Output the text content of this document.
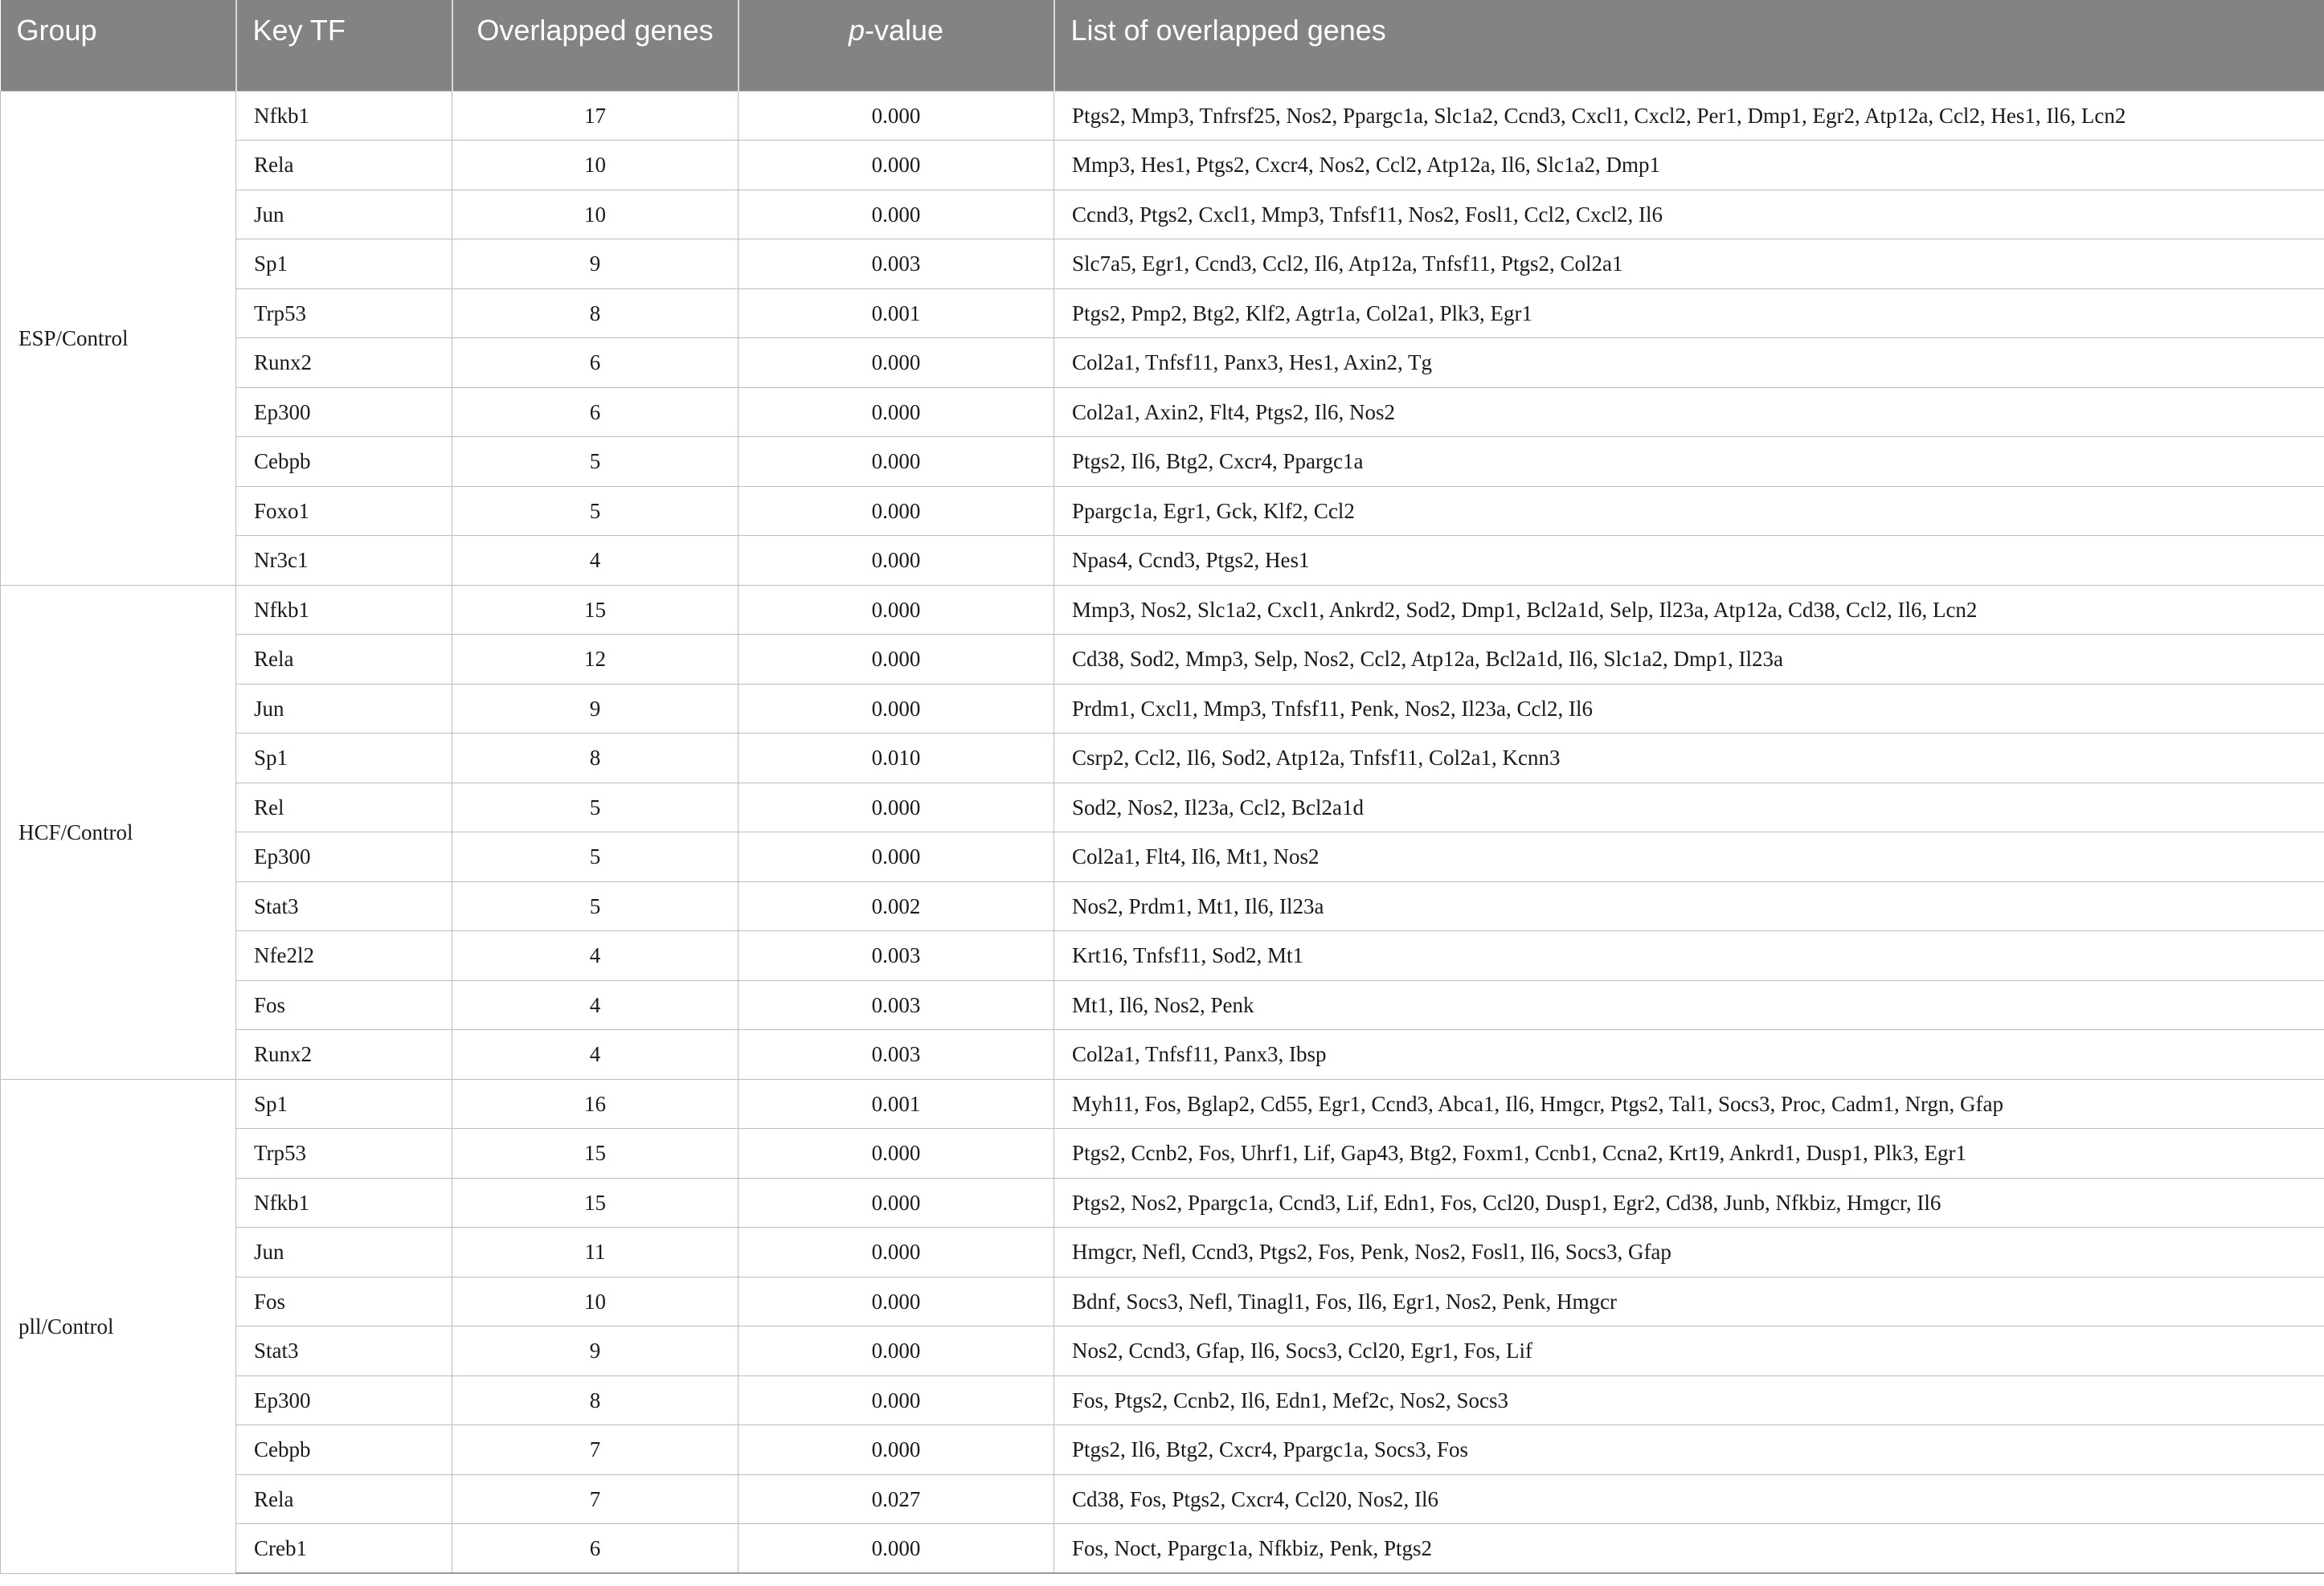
Group	Key TF	Overlapped genes	p-value	List of overlapped genes
ESP/Control	Nfkb1	17	0.000	Ptgs2, Mmp3, Tnfrsf25, Nos2, Ppargc1a, Slc1a2, Ccnd3, Cxcl1, Cxcl2, Per1, Dmp1, Egr2, Atp12a, Ccl2, Hes1, Il6, Lcn2
	Rela	10	0.000	Mmp3, Hes1, Ptgs2, Cxcr4, Nos2, Ccl2, Atp12a, Il6, Slc1a2, Dmp1
	Jun	10	0.000	Ccnd3, Ptgs2, Cxcl1, Mmp3, Tnfsf11, Nos2, Fosl1, Ccl2, Cxcl2, Il6
	Sp1	9	0.003	Slc7a5, Egr1, Ccnd3, Ccl2, Il6, Atp12a, Tnfsf11, Ptgs2, Col2a1
	Trp53	8	0.001	Ptgs2, Pmp2, Btg2, Klf2, Agtr1a, Col2a1, Plk3, Egr1
	Runx2	6	0.000	Col2a1, Tnfsf11, Panx3, Hes1, Axin2, Tg
	Ep300	6	0.000	Col2a1, Axin2, Flt4, Ptgs2, Il6, Nos2
	Cebpb	5	0.000	Ptgs2, Il6, Btg2, Cxcr4, Ppargc1a
	Foxo1	5	0.000	Ppargc1a, Egr1, Gck, Klf2, Ccl2
	Nr3c1	4	0.000	Npas4, Ccnd3, Ptgs2, Hes1
HCF/Control	Nfkb1	15	0.000	Mmp3, Nos2, Slc1a2, Cxcl1, Ankrd2, Sod2, Dmp1, Bcl2a1d, Selp, Il23a, Atp12a, Cd38, Ccl2, Il6, Lcn2
	Rela	12	0.000	Cd38, Sod2, Mmp3, Selp, Nos2, Ccl2, Atp12a, Bcl2a1d, Il6, Slc1a2, Dmp1, Il23a
	Jun	9	0.000	Prdm1, Cxcl1, Mmp3, Tnfsf11, Penk, Nos2, Il23a, Ccl2, Il6
	Sp1	8	0.010	Csrp2, Ccl2, Il6, Sod2, Atp12a, Tnfsf11, Col2a1, Kcnn3
	Rel	5	0.000	Sod2, Nos2, Il23a, Ccl2, Bcl2a1d
	Ep300	5	0.000	Col2a1, Flt4, Il6, Mt1, Nos2
	Stat3	5	0.002	Nos2, Prdm1, Mt1, Il6, Il23a
	Nfe2l2	4	0.003	Krt16, Tnfsf11, Sod2, Mt1
	Fos	4	0.003	Mt1, Il6, Nos2, Penk
	Runx2	4	0.003	Col2a1, Tnfsf11, Panx3, Ibsp
pll/Control	Sp1	16	0.001	Myh11, Fos, Bglap2, Cd55, Egr1, Ccnd3, Abca1, Il6, Hmgcr, Ptgs2, Tal1, Socs3, Proc, Cadm1, Nrgn, Gfap
	Trp53	15	0.000	Ptgs2, Ccnb2, Fos, Uhrf1, Lif, Gap43, Btg2, Foxm1, Ccnb1, Ccna2, Krt19, Ankrd1, Dusp1, Plk3, Egr1
	Nfkb1	15	0.000	Ptgs2, Nos2, Ppargc1a, Ccnd3, Lif, Edn1, Fos, Ccl20, Dusp1, Egr2, Cd38, Junb, Nfkbiz, Hmgcr, Il6
	Jun	11	0.000	Hmgcr, Nefl, Ccnd3, Ptgs2, Fos, Penk, Nos2, Fosl1, Il6, Socs3, Gfap
	Fos	10	0.000	Bdnf, Socs3, Nefl, Tinagl1, Fos, Il6, Egr1, Nos2, Penk, Hmgcr
	Stat3	9	0.000	Nos2, Ccnd3, Gfap, Il6, Socs3, Ccl20, Egr1, Fos, Lif
	Ep300	8	0.000	Fos, Ptgs2, Ccnb2, Il6, Edn1, Mef2c, Nos2, Socs3
	Cebpb	7	0.000	Ptgs2, Il6, Btg2, Cxcr4, Ppargc1a, Socs3, Fos
	Rela	7	0.027	Cd38, Fos, Ptgs2, Cxcr4, Ccl20, Nos2, Il6
	Creb1	6	0.000	Fos, Noct, Ppargc1a, Nfkbiz, Penk, Ptgs2
